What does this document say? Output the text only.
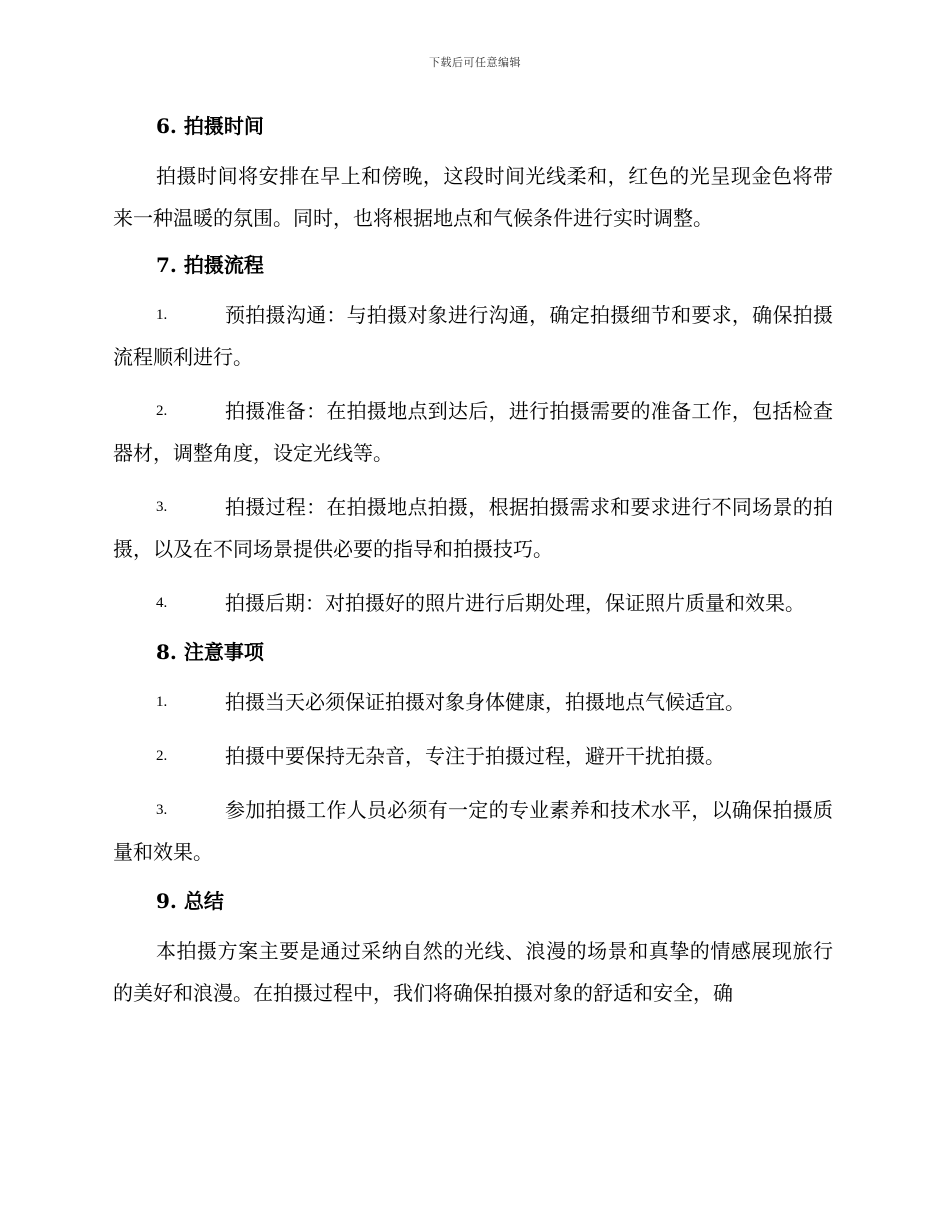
下载后可任意编辑
6. 拍摄时间

拍摄时间将安排在早上和傍晚，这段时间光线柔和，红色的光呈现金色将带来一种温暖的氛围。同时，也将根据地点和气候条件进行实时调整。

7. 拍摄流程
1.	预拍摄沟通：与拍摄对象进行沟通，确定拍摄细节和要求，确保拍摄流程顺利进行。
2.	拍摄准备：在拍摄地点到达后，进行拍摄需要的准备工作，包括检查器材，调整角度，设定光线等。
3.	拍摄过程：在拍摄地点拍摄，根据拍摄需求和要求进行不同场景的拍摄，以及在不同场景提供必要的指导和拍摄技巧。
4.	拍摄后期：对拍摄好的照片进行后期处理，保证照片质量和效果。
8. 注意事项
1.	拍摄当天必须保证拍摄对象身体健康，拍摄地点气候适宜。
2.	拍摄中要保持无杂音，专注于拍摄过程，避开干扰拍摄。
3.	参加拍摄工作人员必须有一定的专业素养和技术水平，以确保拍摄质量和效果。
9. 总结

本拍摄方案主要是通过采纳自然的光线、浪漫的场景和真挚的情感展现旅行的美好和浪漫。在拍摄过程中，我们将确保拍摄对象的舒适和安全，确
